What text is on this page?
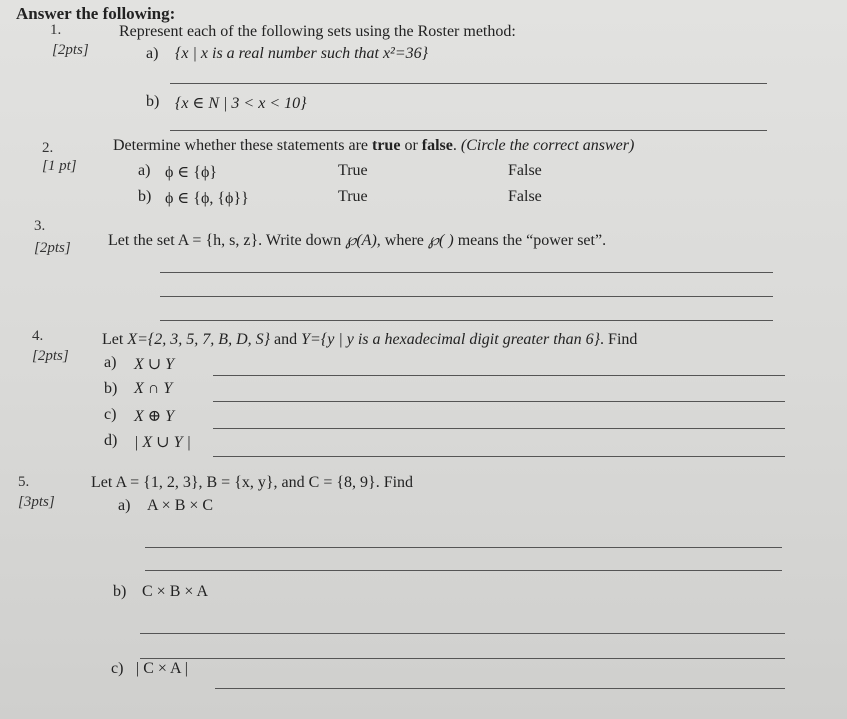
Answer the following:
1.
[2pts]
Represent each of the following sets using the Roster method:
a) {x | x is a real number such that x²=36}
b) {x ∈ N | 3 < x < 10}
2.
[1 pt]
Determine whether these statements are true or false. (Circle the correct answer)
a) ϕ ∈ {ϕ}	True	False
b) ϕ ∈ {ϕ, {ϕ}}	True	False
3.
[2pts] Let the set A = {h, s, z}. Write down ℘(A), where ℘( ) means the “power set”.
4.
[2pts]
Let X={2, 3, 5, 7, B, D, S} and Y={y | y is a hexadecimal digit greater than 6}. Find
a) X ∪ Y
b) X ∩ Y
c) X ⊕ Y
d) | X ∪ Y |
5.
[3pts]
Let A = {1, 2, 3}, B = {x, y}, and C = {8, 9}. Find
a) A × B × C
b) C × B × A
c) | C × A |
